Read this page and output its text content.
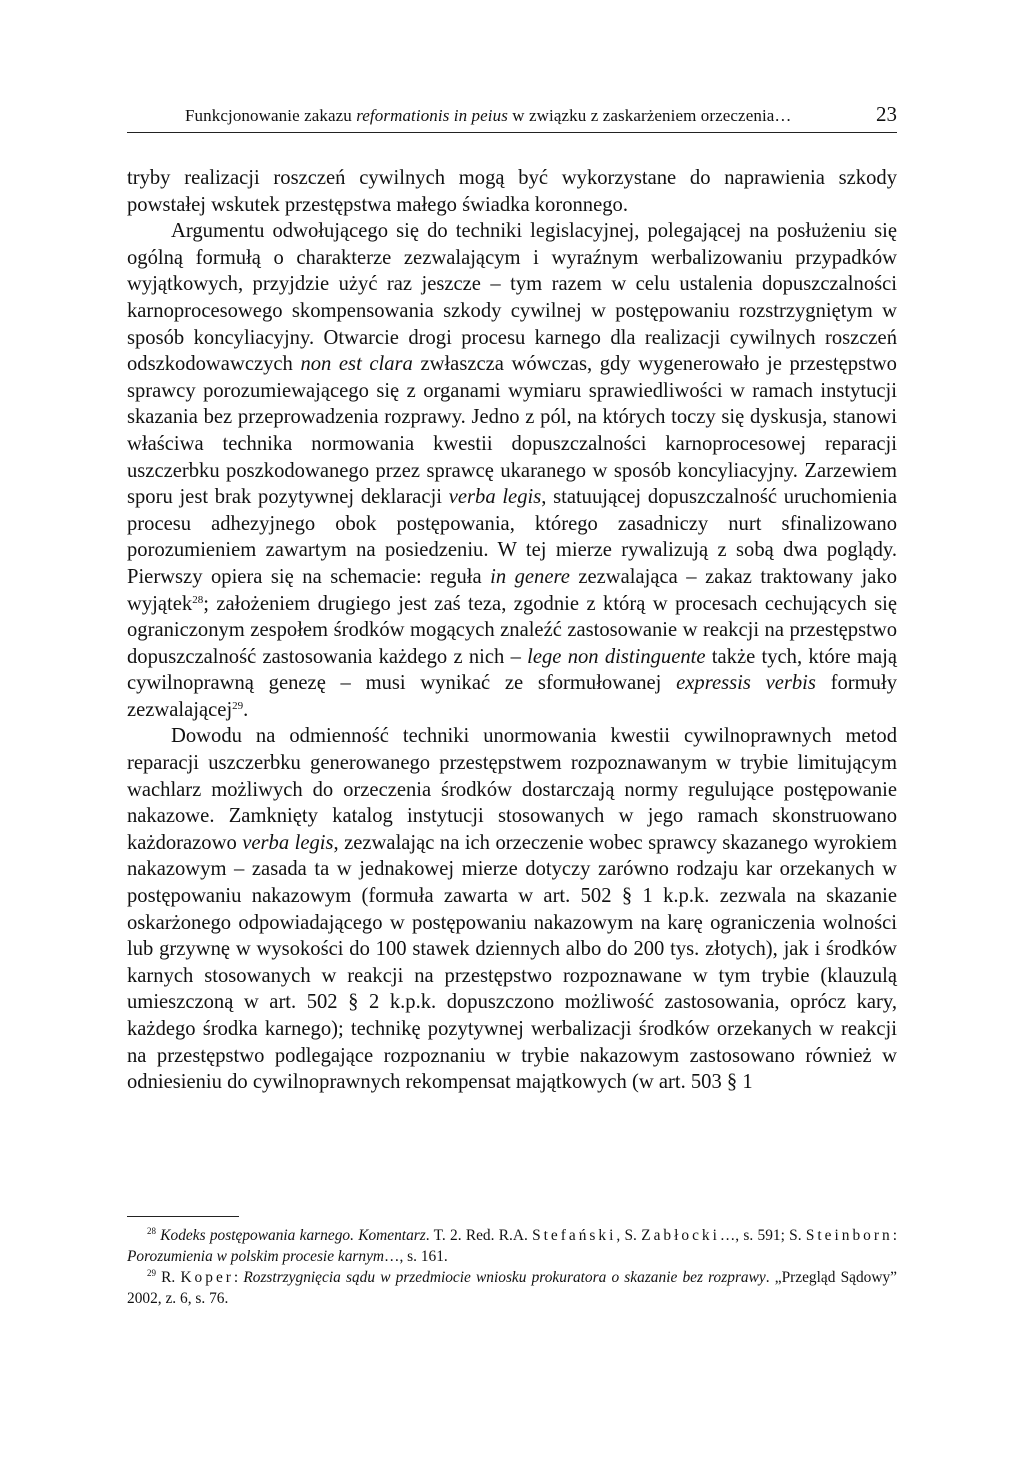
Funkcjonowanie zakazu reformationis in peius w związku z zaskarżeniem orzeczenia…	23

tryby realizacji roszczeń cywilnych mogą być wykorzystane do naprawienia szkody powstałej wskutek przestępstwa małego świadka koronnego.

Argumentu odwołującego się do techniki legislacyjnej, polegającej na posłużeniu się ogólną formułą o charakterze zezwalającym i wyraźnym werbalizowaniu przypadków wyjątkowych, przyjdzie użyć raz jeszcze – tym razem w celu ustalenia dopuszczalności karnoprocesowego skompensowania szkody cywilnej w postępowaniu rozstrzygniętym w sposób koncyliacyjny. Otwarcie drogi procesu karnego dla realizacji cywilnych roszczeń odszkodowawczych non est clara zwłaszcza wówczas, gdy wygenerowało je przestępstwo sprawcy porozumiewającego się z organami wymiaru sprawiedliwości w ramach instytucji skazania bez przeprowadzenia rozprawy. Jedno z pól, na których toczy się dyskusja, stanowi właściwa technika normowania kwestii dopuszczalności karnoprocesowej reparacji uszczerbku poszkodowanego przez sprawcę ukaranego w sposób koncyliacyjny. Zarzewiem sporu jest brak pozytywnej deklaracji verba legis, statuującej dopuszczalność uruchomienia procesu adhezyjnego obok postępowania, którego zasadniczy nurt sfinalizowano porozumieniem zawartym na posiedzeniu. W tej mierze rywalizują z sobą dwa poglądy. Pierwszy opiera się na schemacie: reguła in genere zezwalająca – zakaz traktowany jako wyjątek$^{28}$; założeniem drugiego jest zaś teza, zgodnie z którą w procesach cechujących się ograniczonym zespołem środków mogących znaleźć zastosowanie w reakcji na przestępstwo dopuszczalność zastosowania każdego z nich – lege non distinguente także tych, które mają cywilnoprawną genezę – musi wynikać ze sformułowanej expressis verbis formuły zezwalającej$^{29}$.

Dowodu na odmienność techniki unormowania kwestii cywilnoprawnych metod reparacji uszczerbku generowanego przestępstwem rozpoznawanym w trybie limitującym wachlarz możliwych do orzeczenia środków dostarczają normy regulujące postępowanie nakazowe. Zamknięty katalog instytucji stosowanych w jego ramach skonstruowano każdorazowo verba legis, zezwalając na ich orzeczenie wobec sprawcy skazanego wyrokiem nakazowym – zasada ta w jednakowej mierze dotyczy zarówno rodzaju kar orzekanych w postępowaniu nakazowym (formuła zawarta w art. 502 § 1 k.p.k. zezwala na skazanie oskarżonego odpowiadającego w postępowaniu nakazowym na karę ograniczenia wolności lub grzywnę w wysokości do 100 stawek dziennych albo do 200 tys. złotych), jak i środków karnych stosowanych w reakcji na przestępstwo rozpoznawane w tym trybie (klauzulą umieszczoną w art. 502 § 2 k.p.k. dopuszczono możliwość zastosowania, oprócz kary, każdego środka karnego); technikę pozytywnej werbalizacji środków orzekanych w reakcji na przestępstwo podlegające rozpoznaniu w trybie nakazowym zastosowano również w odniesieniu do cywilnoprawnych rekompensat majątkowych (w art. 503 § 1

$^{28}$ Kodeks postępowania karnego. Komentarz. T. 2. Red. R.A. Stefański, S. Zabłocki…, s. 591; S. Steinborn: Porozumienia w polskim procesie karnym…, s. 161.

$^{29}$ R. Koper: Rozstrzygnięcia sądu w przedmiocie wniosku prokuratora o skazanie bez rozprawy. „Przegląd Sądowy” 2002, z. 6, s. 76.
